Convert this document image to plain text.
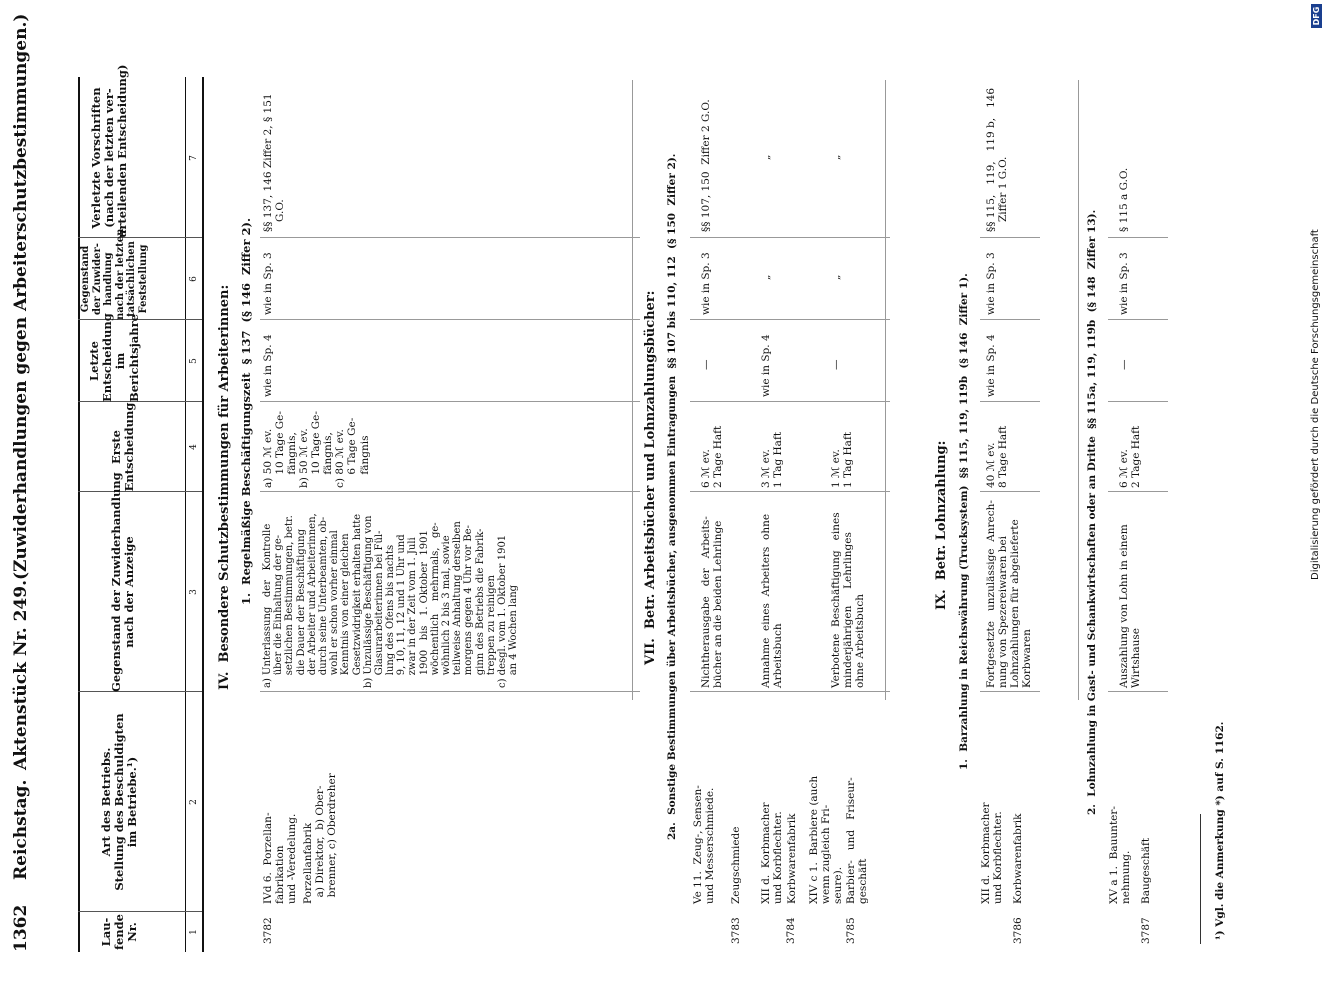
1362
Reichstag.
Aktenstück Nr. 249.
(Zuwiderhandlungen gegen Arbeiterschutzbestimmungen.)
Lau-
fende
Nr.
Art des Betriebs.
Stellung des Beschuldigten
im Betriebe.¹)
Gegenstand der Zuwiderhandlung
nach der Anzeige
Erste
Entscheidung
Letzte
Entscheidung
im
Berichtsjahre
Gegenstand
der Zuwider-
handlung
nach der letzten
tatsächlichen
Feststellung
Verletzte Vorschriften
(nach der letzten ver-
urteilenden Entscheidung)
1
2
3
4
5
6
7
IV.  Besondere Schutzbestimmungen für Arbeiterinnen: 1.  Regelmäßige Beschäftigungszeit  § 137  (§ 146  Ziffer 2).
3782
IVd 6.  Porzellan-
fabrikation
und -Veredelung. Porzellanfabrik
a) Direktor,  b) Ober-
brenner, c) Oberdreher
a) Unterlassung   der   Kontrolle
über die Einhaltung der ge-
setzlichen Bestimmungen, betr.
die Dauer der Beschäftigung
der Arbeiter und Arbeiterinnen,
durch seine Unterbeamten, ob-
wohl er schon vorher einmal
Kenntnis von einer gleichen
Gesetzwidrigkeit erhalten hatte
b) Unzulässige Beschäftigung von
Glasurarbeiterinnen bei Fül-
lung des Ofens bis nachts
9, 10, 11, 12 und 1 Uhr und
zwar in der Zeit vom 1. Juli
1900   bis   1. Oktober  1901
wöchentlich    mehrmals,   ge-
wöhnlich 2 bis 3 mal, sowie
teilweise Anhaltung derselben
morgens gegen 4 Uhr vor Be-
ginn des Betriebs die Fabrik-
treppen zu reinigen
c) desgl. vom 1. Oktober 1901
an 4 Wochen lang
a) 50 ℳ ev.
10 Tage Ge-
fängnis,
b) 50 ℳ ev.
10 Tage Ge-
fängnis,
c) 80 ℳ ev.
6 Tage Ge-
fängnis
wie in Sp. 4
wie in Sp. 3
§§ 137, 146 Ziffer 2, § 151
G.O.
VII.  Betr. Arbeitsbücher und Lohnzahlungsbücher: 2a.  Sonstige Bestimmungen über Arbeitsbücher, ausgenommen Eintragungen  §§ 107 bis 110, 112  (§ 150  Ziffer 2).
3783
Ve 11.  Zeug-, Sensen-
und Messerschmiede. Zeugschmiede
Nichtherausgabe   der   Arbeits-
bücher an die beiden Lehrlinge
6 ℳ ev.
2 Tage Haft
—
wie in Sp. 3
§§ 107, 150  Ziffer 2 G.O.
3784
XII d.  Korbmacher
und Korbflechter. Korbwarenfabrik
Annahme  eines  Arbeiters  ohne
Arbeitsbuch
3 ℳ ev.
1 Tag Haft
wie in Sp. 4
„
„
3785
XIV c 1.  Barbiere (auch
wenn zugleich Fri-
seure). Barbier-   und   Friseur-
geschäft
Verbotene  Beschäftigung   eines
minderjährigen     Lehrlinges
ohne Arbeitsbuch
1 ℳ ev.
1 Tag Haft
—
„
„
IX.  Betr. Lohnzahlung: 1.  Barzahlung in Reichswährung (Trucksystem)  §§ 115, 119, 119b  (§ 146  Ziffer 1).
3786
XII d.  Korbmacher
und Korbflechter. Korbwarenfabrik
Fortgesetzte   unzulässige  Anrech-
nung von Spezereiwaren bei
Lohnzahlungen für abgelieferte
Korbwaren
40 ℳ ev.
8 Tage Haft
wie in Sp. 4
wie in Sp. 3
§§ 115,   119,   119 b,   146
Ziffer 1 G.O.
2.  Lohnzahlung in Gast- und Schankwirtschaften oder an Dritte  §§ 115a, 119, 119b  (§ 148  Ziffer 13).
3787
XV a 1.  Bauunter-
nehmung. Baugeschäft
Auszahlung von Lohn in einem
Wirtshause
6 ℳ ev.
2 Tage Haft
—
wie in Sp. 3
§ 115 a G.O.
¹) Vgl. die Anmerkung *) auf S. 1162.
Digitalisierung gefördert durch die Deutsche Forschungsgemeinschaft
DFG
